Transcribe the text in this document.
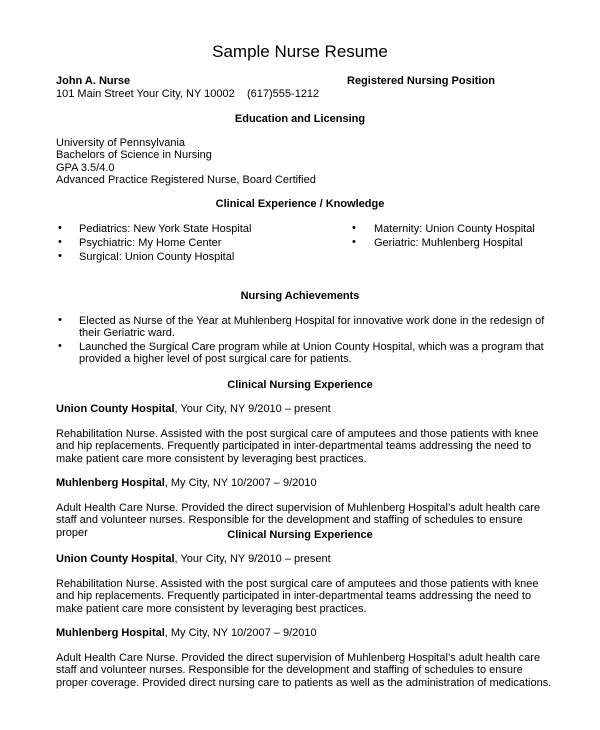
Sample Nurse Resume
John A. Nurse
101 Main Street Your City, NY 10002 (617)555-1212
Registered Nursing Position
Education and Licensing
University of Pennsylvania
Bachelors of Science in Nursing
GPA 3.5/4.0
Advanced Practice Registered Nurse, Board Certified
Clinical Experience / Knowledge
• Pediatrics: New York State Hospital
• Psychiatric: My Home Center
• Surgical: Union County Hospital
• Maternity: Union County Hospital
• Geriatric: Muhlenberg Hospital
Nursing Achievements
• Elected as Nurse of the Year at Muhlenberg Hospital for innovative work done in the redesign of their Geriatric ward.
• Launched the Surgical Care program while at Union County Hospital, which was a program that provided a higher level of post surgical care for patients.
Clinical Nursing Experience
Union County Hospital, Your City, NY 9/2010 – present
Rehabilitation Nurse. Assisted with the post surgical care of amputees and those patients with knee and hip replacements. Frequently participated in inter-departmental teams addressing the need to make patient care more consistent by leveraging best practices.
Muhlenberg Hospital, My City, NY 10/2007 – 9/2010
Adult Health Care Nurse. Provided the direct supervision of Muhlenberg Hospital’s adult health care staff and volunteer nurses. Responsible for the development and staffing of schedules to ensure proper	Clinical Nursing Experience
Union County Hospital, Your City, NY 9/2010 – present
Rehabilitation Nurse. Assisted with the post surgical care of amputees and those patients with knee and hip replacements. Frequently participated in inter-departmental teams addressing the need to make patient care more consistent by leveraging best practices.
Muhlenberg Hospital, My City, NY 10/2007 – 9/2010
Adult Health Care Nurse. Provided the direct supervision of Muhlenberg Hospital’s adult health care staff and volunteer nurses. Responsible for the development and staffing of schedules to ensure proper coverage. Provided direct nursing care to patients as well as the administration of medications.
